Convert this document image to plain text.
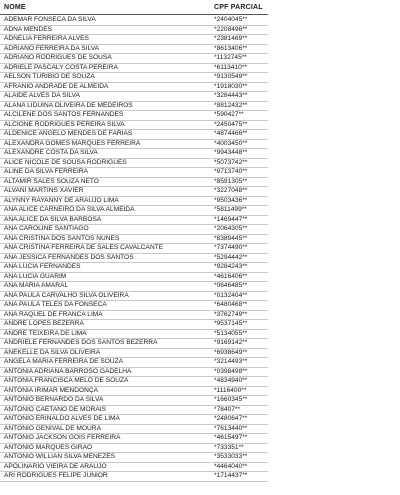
NOME	CPF PARCIAL
ADEMAR FONSECA DA SILVA	*2404045**
ADNA MENDES	*2208496**
ADNELIA FERREIRA ALVES	*2381469**
ADRIANO FERREIRA DA SILVA	*8613406**
ADRIANO RODRIGUES DE SOUSA	*1132745**
ADRIELE PASCALY COSTA PEREIRA	*6113410**
AELSON TURIBIO DE SOUZA	*9130549**
AFRANIO ANDRADE DE ALMEIDA	*1918030**
ALAIDE ALVES DA SILVA	*3284443**
ALANA LIDUINA OLIVEIRA DE MEDEIROS	*8812432**
ALCILENE DOS SANTOS FERNANDES	*590427**
ALCIONE RODRIGUES PEREIRA SILVA	*2450475**
ALDENICE ANGELO MENDES DE FARIAS	*4874466**
ALEXANDRA GOMES MARQUES FERREIRA	*4003450**
ALEXANDRE COSTA DA SILVA	*9943448**
ALICE NICOLE DE SOUSA RODRIGUES	*5073742**
ALINE DA SILVA FERREIRA	*9713740**
ALTAMIR SALES SOUZA NETO	*8591305**
ALVANI MARTINS XAVIER	*3227048**
ALYNNY RAYANNY DE ARAUJO LIMA	*9503436**
ANA ALICE CARNEIRO DA SILVA ALMEIDA	*5811499**
ANA ALICE DA SILVA BARBOSA	*1469447**
ANA CAROLINE SANTIAGO	*2064305**
ANA CRISTINA DOS SANTOS NUNES	*8389445**
ANA CRISTINA FERREIRA DE SALES CAVALCANTE	*7374490**
ANA JESSICA FERNANDES DOS SANTOS	*5294442**
ANA LUCIA FERNANDES	*9284243**
ANA LUCIA GUARIM	*4616406**
ANA MARIA AMARAL	*0646485**
ANA PAULA CARVALHO SILVA OLIVEIRA	*0132404**
ANA PAULA TELES DA FONSECA	*6480468**
ANA RAQUEL DE FRANCA LIMA	*3762749**
ANDRE LOPES BEZERRA	*9537145**
ANDRE TEIXEIRA DE LIMA	*5134055**
ANDRIELE FERNANDES DOS SANTOS BEZERRA	*9169142**
ANEKELLE DA SILVA OLIVEIRA	*6938649**
ANGELA MARIA FERREIRA DE SOUZA	*3214493**
ANTONIA ADRIANA BARROSO GADELHA	*0398498**
ANTONIA FRANCISCA MELO DE SOUZA	*4834940**
ANTONIA IRIMAR MENDONÇA	*1116400**
ANTONIO BERNARDO DA SILVA	*1660345**
ANTONIO CAETANO DE MORAIS	*78407**
ANTONIO ERINALDO ALVES DE LIMA	*2480647**
ANTONIO GENIVAL DE MOURA	*7613440**
ANTONIO JACKSON GOIS FERREIRA	*4615497**
ANTONIO MARQUES GIRAO	*733351**
ANTONIO WILLIAN SILVA MENEZES	*3533033**
APOLINARIO VIEIRA DE ARAUJO	*4464040**
ARI RODRIGUES FELIPE JUNIOR	*1714437**
